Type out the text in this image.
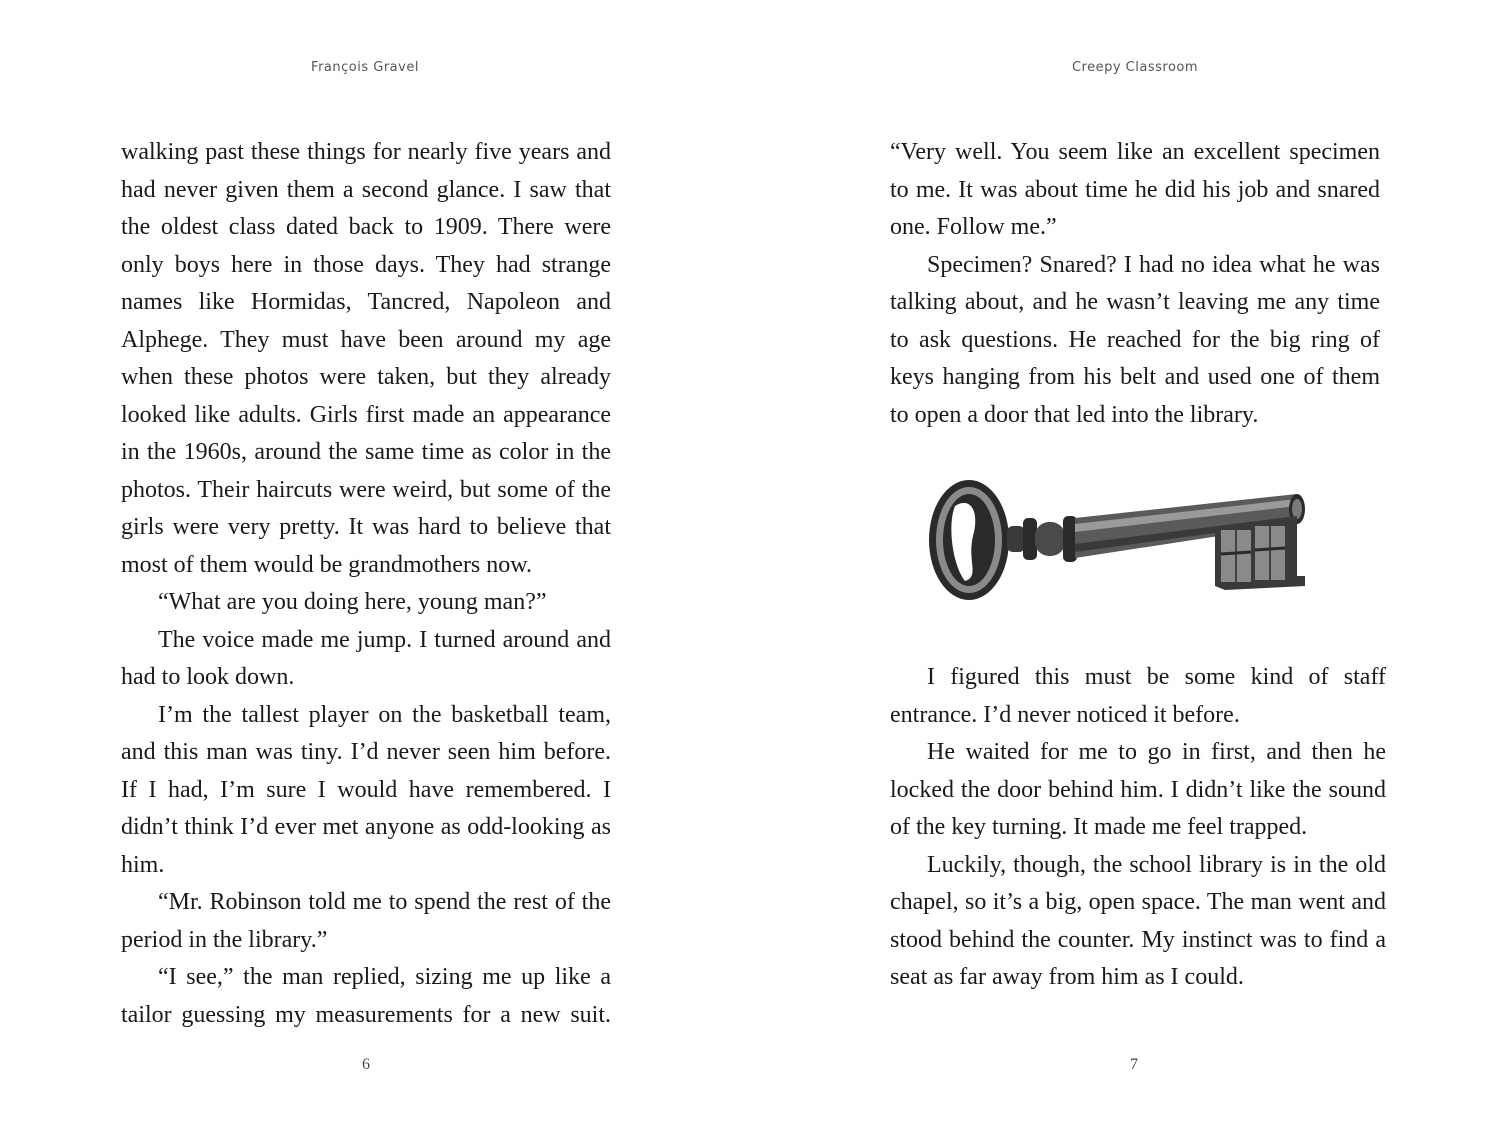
François Gravel

walking past these things for nearly five years and had never given them a second glance. I saw that the oldest class dated back to 1909. There were only boys here in those days. They had strange names like Hormidas, Tancred, Napoleon and Alphege. They must have been around my age when these photos were taken, but they already looked like adults. Girls first made an appearance in the 1960s, around the same time as color in the photos. Their haircuts were weird, but some of the girls were very pretty. It was hard to believe that most of them would be grandmothers now.

“What are you doing here, young man?”

The voice made me jump. I turned around and had to look down.

I’m the tallest player on the basketball team, and this man was tiny. I’d never seen him before. If I had, I’m sure I would have remembered. I didn’t think I’d ever met anyone as odd-looking as him.

“Mr. Robinson told me to spend the rest of the period in the library.”

“I see,” the man replied, sizing me up like a tailor guessing my measurements for a new suit.

6
Creepy Classroom

“Very well. You seem like an excellent specimen to me. It was about time he did his job and snared one. Follow me.”

Specimen? Snared? I had no idea what he was talking about, and he wasn’t leaving me any time to ask questions. He reached for the big ring of keys hanging from his belt and used one of them to open a door that led into the library.

I figured this must be some kind of staff entrance. I’d never noticed it before.

He waited for me to go in first, and then he locked the door behind him. I didn’t like the sound of the key turning. It made me feel trapped.

Luckily, though, the school library is in the old chapel, so it’s a big, open space. The man went and stood behind the counter. My instinct was to find a seat as far away from him as I could.

7
